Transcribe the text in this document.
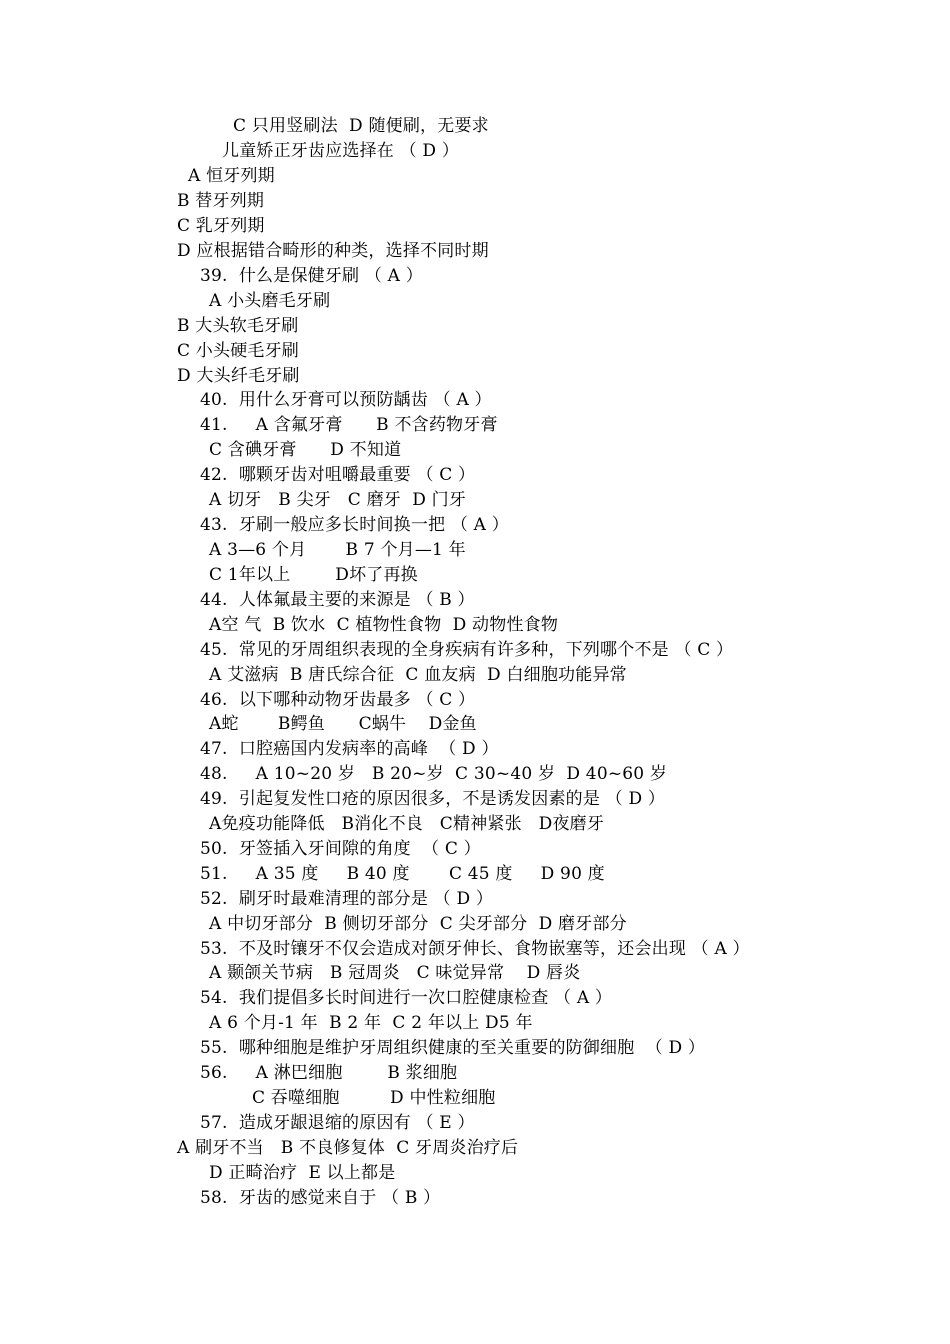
C 只用竖刷法  D 随便刷，无要求
儿童矫正牙齿应选择在 （ D ）
A 恒牙列期
B 替牙列期
C 乳牙列期
D 应根据错合畸形的种类，选择不同时期
39.  什么是保健牙刷 （ A ）
A 小头磨毛牙刷
B 大头软毛牙刷
C 小头硬毛牙刷
D 大头纤毛牙刷
40.  用什么牙膏可以预防龋齿 （ A ）
41.     A 含氟牙膏      B 不含药物牙膏
C 含碘牙膏      D 不知道
42.  哪颗牙齿对咀嚼最重要 （ C ）
A 切牙   B 尖牙   C 磨牙  D 门牙
43.  牙刷一般应多长时间换一把 （ A ）
A 3—6 个月       B 7 个月—1 年
C 1年以上        D坏了再换
44.  人体氟最主要的来源是 （ B ）
A空 气  B 饮水  C 植物性食物  D 动物性食物
45.  常见的牙周组织表现的全身疾病有许多种，下列哪个不是 （ C ）
A 艾滋病  B 唐氏综合征  C 血友病  D 白细胞功能异常
46.  以下哪种动物牙齿最多 （ C ）
A蛇       B鳄鱼      C蜗牛    D金鱼
47.  口腔癌国内发病率的高峰  （ D ）
48.     A 10~20 岁   B 20~岁  C 30~40 岁  D 40~60 岁
49.  引起复发性口疮的原因很多，不是诱发因素的是 （ D ）
A免疫功能降低   B消化不良   C精神紧张   D夜磨牙
50.  牙签插入牙间隙的角度  （ C ）
51.     A 35 度     B 40 度       C 45 度     D 90 度
52.  刷牙时最难清理的部分是 （ D ）
A 中切牙部分  B 侧切牙部分  C 尖牙部分  D 磨牙部分
53.  不及时镶牙不仅会造成对颌牙伸长、食物嵌塞等，还会出现 （ A ）
A 颞颌关节病   B 冠周炎   C 味觉异常    D 唇炎
54.  我们提倡多长时间进行一次口腔健康检查 （ A ）
A 6 个月-1 年  B 2 年  C 2 年以上 D5 年
55.  哪种细胞是维护牙周组织健康的至关重要的防御细胞  （ D ）
56.     A 淋巴细胞        B 浆细胞
C 吞噬细胞         D 中性粒细胞
57.  造成牙龈退缩的原因有 （ E ）
A 刷牙不当   B 不良修复体  C 牙周炎治疗后
D 正畸治疗  E 以上都是
58.  牙齿的感觉来自于 （ B ）
